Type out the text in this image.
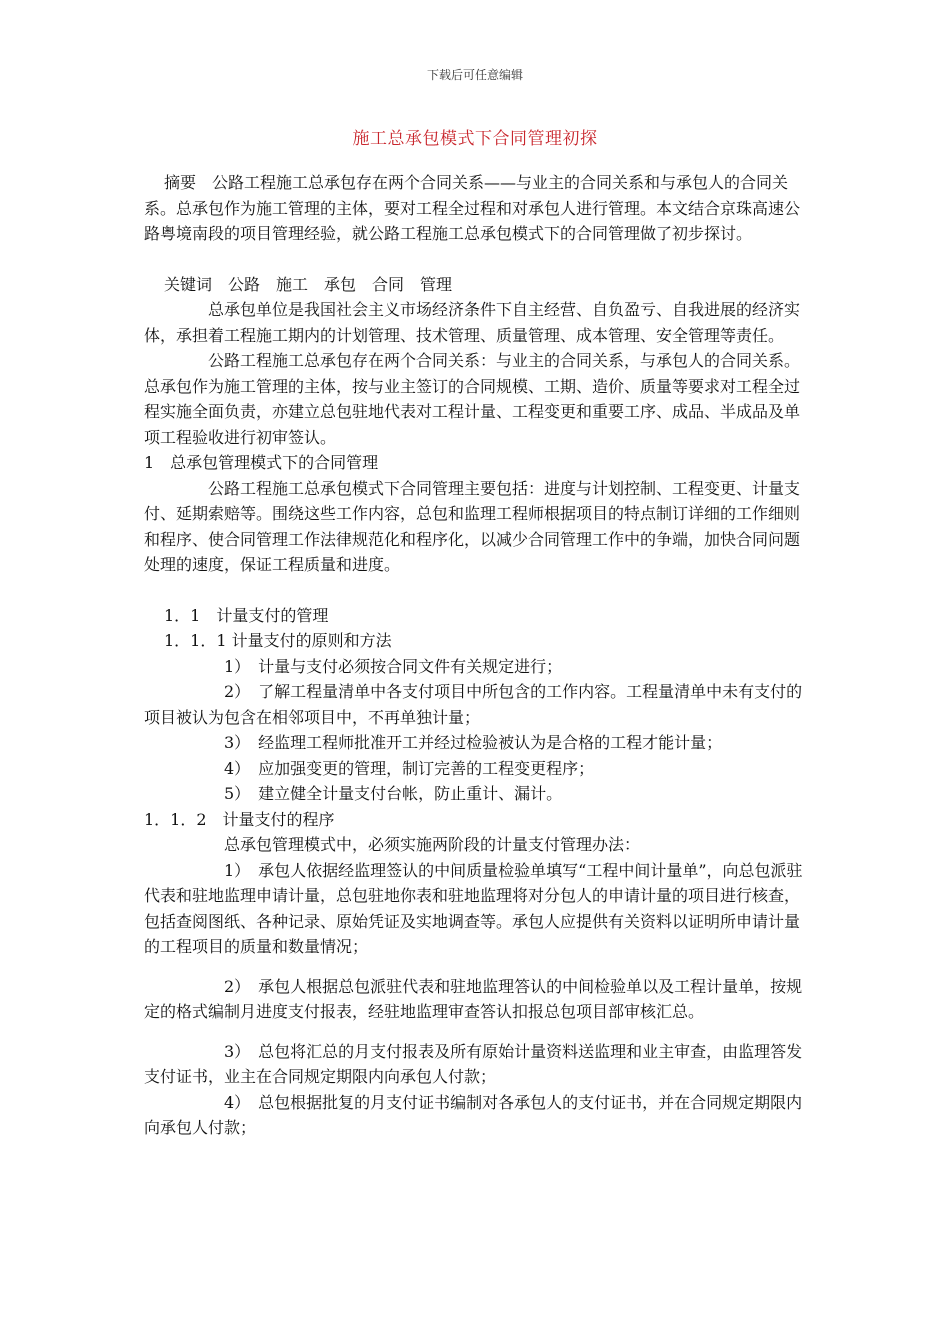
下载后可任意编辑
施工总承包模式下合同管理初探

摘要　公路工程施工总承包存在两个合同关系——与业主的合同关系和与承包人的合同关系。总承包作为施工管理的主体，要对工程全过程和对承包人进行管理。本文结合京珠高速公路粤境南段的项目管理经验，就公路工程施工总承包模式下的合同管理做了初步探讨。

关键词　公路　施工　承包　合同　管理

总承包单位是我国社会主义市场经济条件下自主经营、自负盈亏、自我进展的经济实体，承担着工程施工期内的计划管理、技术管理、质量管理、成本管理、安全管理等责任。

公路工程施工总承包存在两个合同关系：与业主的合同关系，与承包人的合同关系。总承包作为施工管理的主体，按与业主签订的合同规模、工期、造价、质量等要求对工程全过程实施全面负责，亦建立总包驻地代表对工程计量、工程变更和重要工序、成品、半成品及单项工程验收进行初审签认。

1　总承包管理模式下的合同管理

公路工程施工总承包模式下合同管理主要包括：进度与计划控制、工程变更、计量支付、延期索赔等。围绕这些工作内容，总包和监理工程师根据项目的特点制订详细的工作细则和程序、使合同管理工作法律规范化和程序化，以减少合同管理工作中的争端，加快合同问题处理的速度，保证工程质量和进度。

1．1　计量支付的管理

1．1．1 计量支付的原则和方法

1）　计量与支付必须按合同文件有关规定进行；

2）　了解工程量清单中各支付项目中所包含的工作内容。工程量清单中未有支付的项目被认为包含在相邻项目中，不再单独计量；

3）　经监理工程师批准开工并经过检验被认为是合格的工程才能计量；

4）　应加强变更的管理，制订完善的工程变更程序；

5）　建立健全计量支付台帐，防止重计、漏计。

1．1．2　计量支付的程序

总承包管理模式中，必须实施两阶段的计量支付管理办法：

1）　承包人依据经监理签认的中间质量检验单填写“工程中间计量单”，向总包派驻代表和驻地监理申请计量，总包驻地你表和驻地监理将对分包人的申请计量的项目进行核查，包括查阅图纸、各种记录、原始凭证及实地调查等。承包人应提供有关资料以证明所申请计量的工程项目的质量和数量情况；

2）　承包人根据总包派驻代表和驻地监理答认的中间检验单以及工程计量单，按规定的格式编制月进度支付报表，经驻地监理审查答认扣报总包项目部审核汇总。

3）　总包将汇总的月支付报表及所有原始计量资料送监理和业主审查，由监理答发支付证书，业主在合同规定期限内向承包人付款；

4）　总包根据批复的月支付证书编制对各承包人的支付证书，并在合同规定期限内向承包人付款；
